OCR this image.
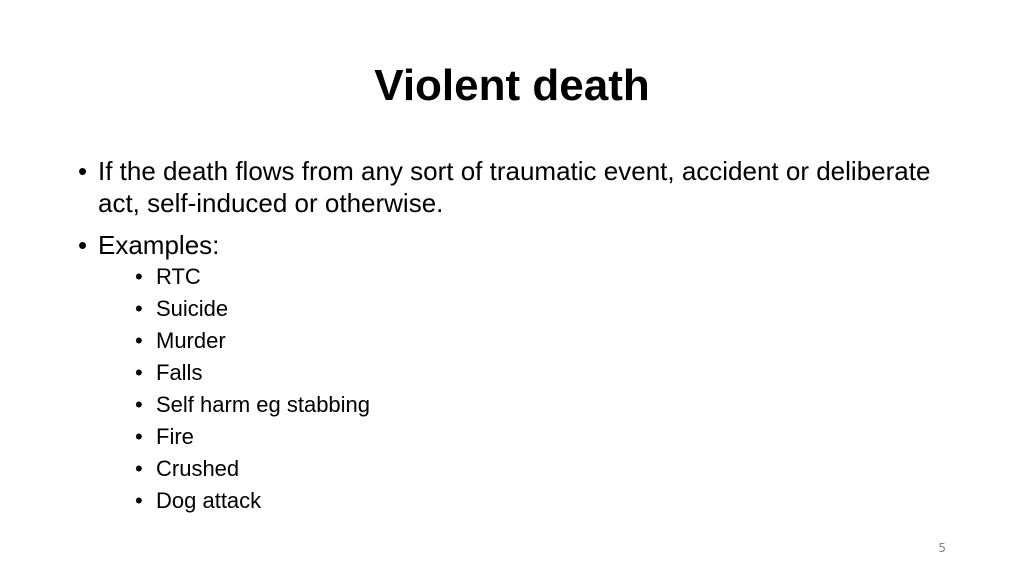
Violent death
• If the death flows from any sort of traumatic event, accident or deliberate act, self-induced or otherwise.
• Examples:
• RTC
• Suicide
• Murder
• Falls
• Self harm eg stabbing
• Fire
• Crushed
• Dog attack
5
